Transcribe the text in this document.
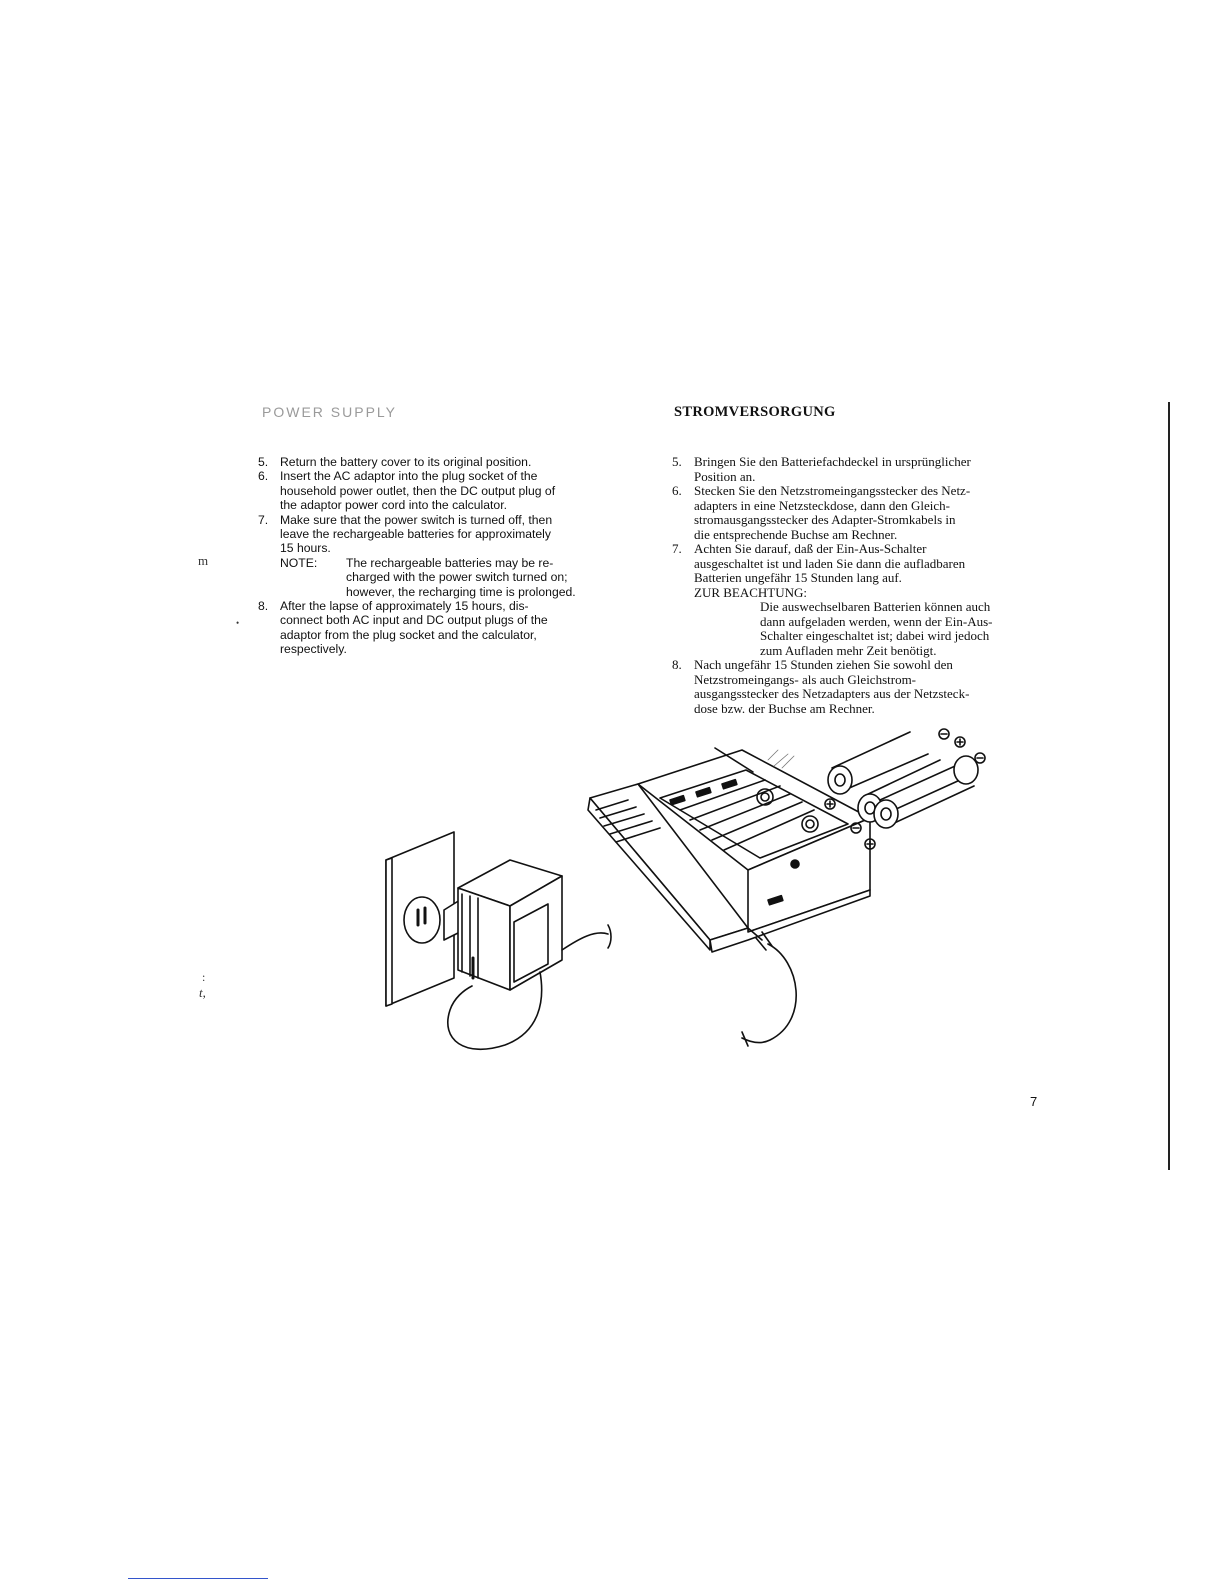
POWER SUPPLY	STROMVERSORGUNG
5. Return the battery cover to its original position.
6. Insert the AC adaptor into the plug socket of the
household power outlet, then the DC output plug of
the adaptor power cord into the calculator.
7. Make sure that the power switch is turned off, then
leave the rechargeable batteries for approximately
15 hours.
NOTE: The rechargeable batteries may be re-
charged with the power switch turned on;
however, the recharging time is prolonged.
8. After the lapse of approximately 15 hours, dis-
connect both AC input and DC output plugs of the
adaptor from the plug socket and the calculator,
respectively.
5. Bringen Sie den Batteriefachdeckel in ursprünglicher
Position an.
6. Stecken Sie den Netzstromeingangsstecker des Netz-
adapters in eine Netzsteckdose, dann den Gleich-
stromausgangsstecker des Adapter-Stromkabels in
die entsprechende Buchse am Rechner.
7. Achten Sie darauf, daß der Ein-Aus-Schalter
ausgeschaltet ist und laden Sie dann die aufladbaren
Batterien ungefähr 15 Stunden lang auf.
ZUR BEACHTUNG:
Die auswechselbaren Batterien können auch
dann aufgeladen werden, wenn der Ein-Aus-
Schalter eingeschaltet ist; dabei wird jedoch
zum Aufladen mehr Zeit benötigt.
8. Nach ungefähr 15 Stunden ziehen Sie sowohl den
Netzstromeingangs- als auch Gleichstrom-
ausgangsstecker des Netzadapters aus der Netzsteck-
dose bzw. der Buchse am Rechner.
m
•
:
t,
7
